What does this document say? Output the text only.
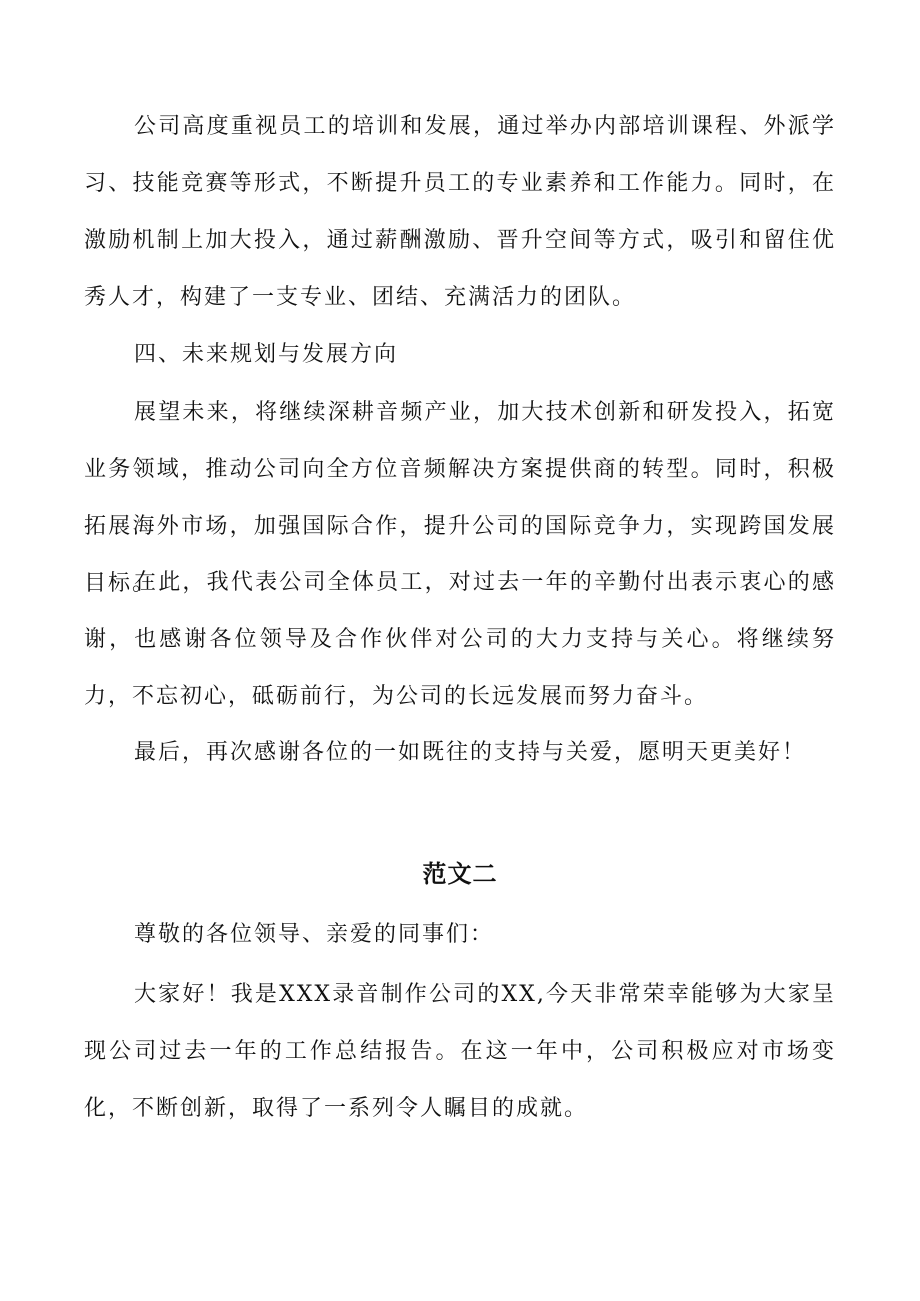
公司高度重视员工的培训和发展，通过举办内部培训课程、外派学习、技能竞赛等形式，不断提升员工的专业素养和工作能力。同时，在激励机制上加大投入，通过薪酬激励、晋升空间等方式，吸引和留住优秀人才，构建了一支专业、团结、充满活力的团队。

四、未来规划与发展方向

展望未来，将继续深耕音频产业，加大技术创新和研发投入，拓宽业务领域，推动公司向全方位音频解决方案提供商的转型。同时，积极拓展海外市场，加强国际合作，提升公司的国际竞争力，实现跨国发展目标。

在此，我代表公司全体员工，对过去一年的辛勤付出表示衷心的感谢，也感谢各位领导及合作伙伴对公司的大力支持与关心。将继续努力，不忘初心，砥砺前行，为公司的长远发展而努力奋斗。

最后，再次感谢各位的一如既往的支持与关爱，愿明天更美好！

范文二

尊敬的各位领导、亲爱的同事们：

大家好！我是XXX录音制作公司的XX,今天非常荣幸能够为大家呈现公司过去一年的工作总结报告。在这一年中，公司积极应对市场变化，不断创新，取得了一系列令人瞩目的成就。
